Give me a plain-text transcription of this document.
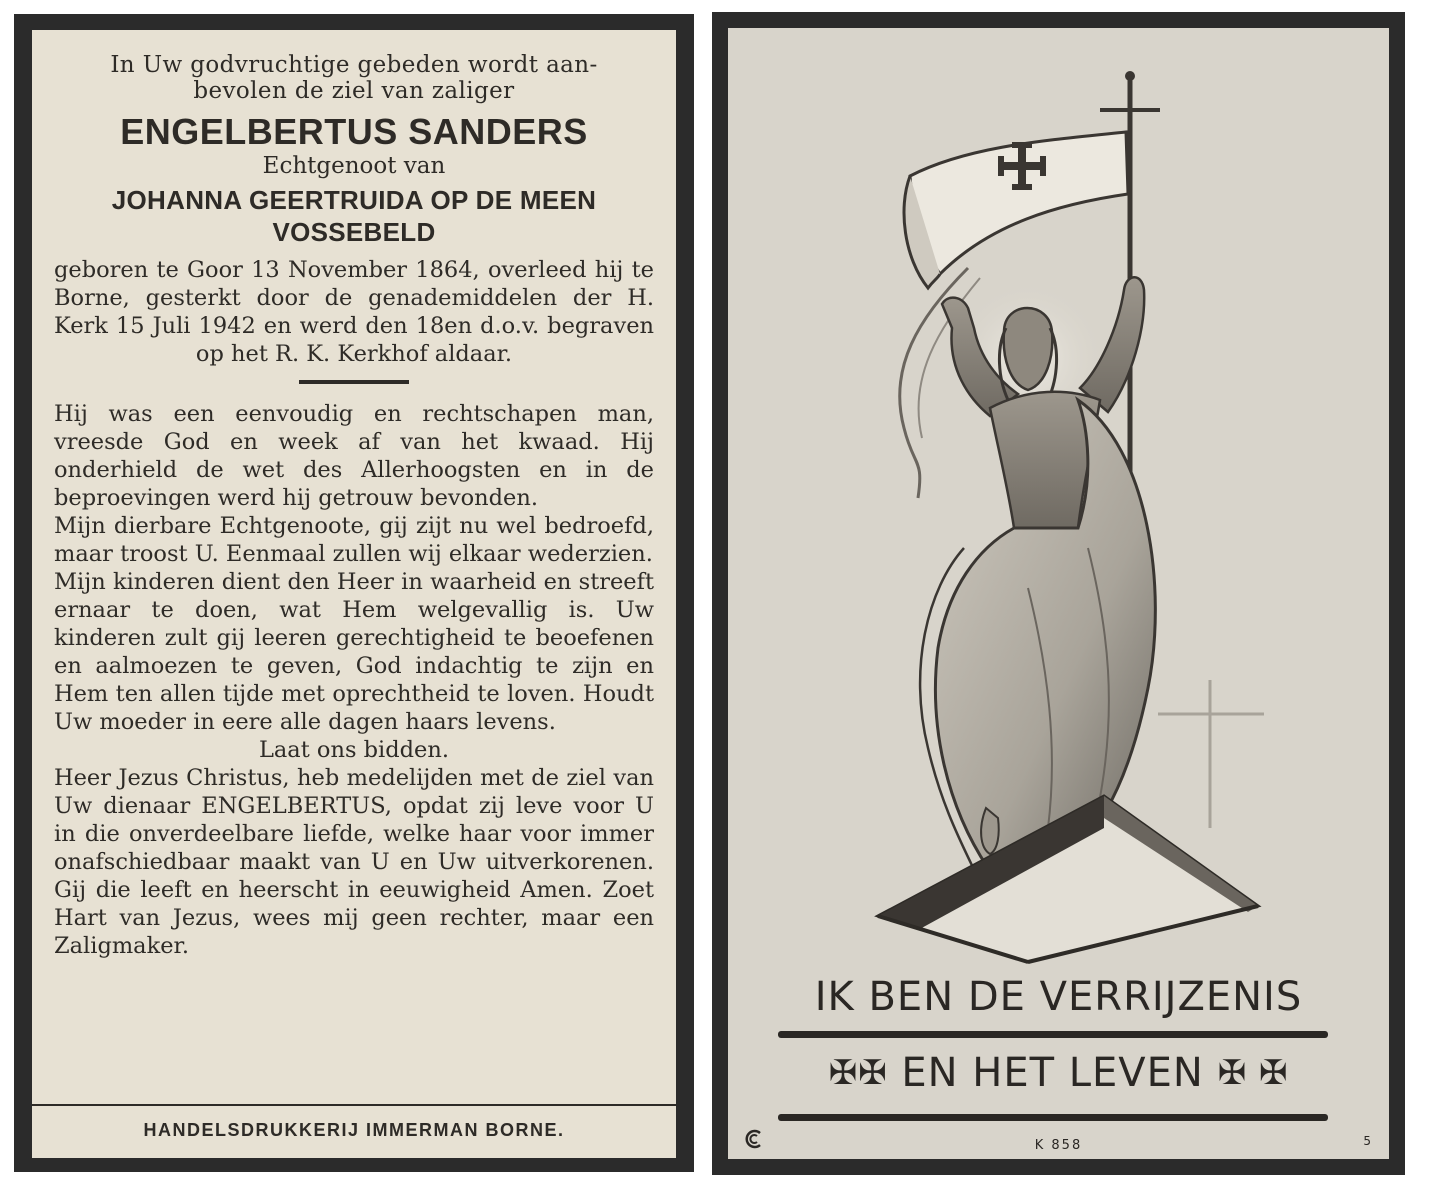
In Uw godvruchtige gebeden wordt aan-
bevolen de ziel van zaliger

ENGELBERTUS SANDERS

Echtgenoot van

JOHANNA GEERTRUIDA OP DE MEEN
VOSSEBELD

geboren te Goor 13 November 1864, overleed hij te Borne, gesterkt door de genademiddelen der H. Kerk 15 Juli 1942 en werd den 18en d.o.v. begraven op het R. K. Kerkhof aldaar.

Hij was een eenvoudig en rechtschapen man, vreesde God en week af van het kwaad. Hij onderhield de wet des Allerhoogsten en in de beproevingen werd hij getrouw bevonden.

Mijn dierbare Echtgenoote, gij zijt nu wel bedroefd, maar troost U. Eenmaal zullen wij elkaar wederzien.

Mijn kinderen dient den Heer in waarheid en streeft ernaar te doen, wat Hem welgevallig is. Uw kinderen zult gij leeren gerechtigheid te beoefenen en aalmoezen te geven, God indachtig te zijn en Hem ten allen tijde met oprechtheid te loven. Houdt Uw moeder in eere alle dagen haars levens.

Laat ons bidden.

Heer Jezus Christus, heb medelijden met de ziel van Uw dienaar ENGELBERTUS, opdat zij leve voor U in die onverdeelbare liefde, welke haar voor immer onafschiedbaar maakt van U en Uw uitverkorenen. Gij die leeft en heerscht in eeuwigheid Amen. Zoet Hart van Jezus, wees mij geen rechter, maar een Zaligmaker.

HANDELSDRUKKERIJ IMMERMAN BORNE.
IK BEN DE VERRIJZENIS
✠✠ EN HET LEVEN ✠ ✠
K 858	5
